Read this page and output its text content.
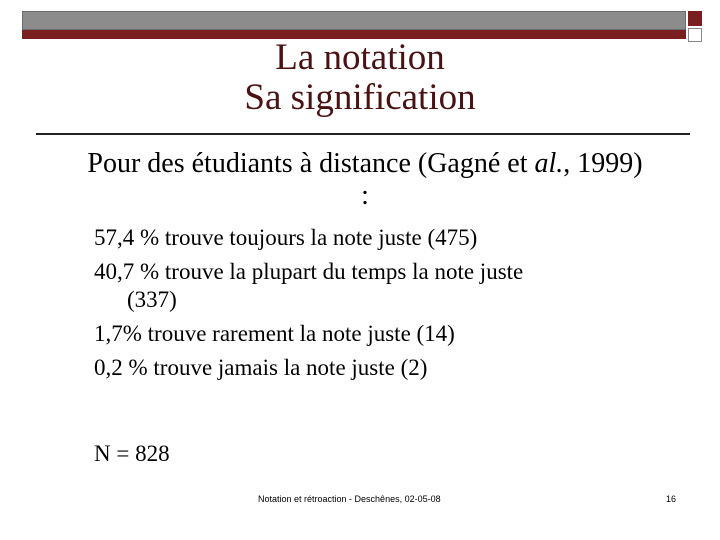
La notation
Sa signification
Pour des étudiants à distance (Gagné et al., 1999)
:
57,4 % trouve toujours la note juste (475)
40,7 % trouve la plupart du temps la note juste
(337)
1,7% trouve rarement la note juste (14)
0,2 % trouve jamais la note juste (2)
N = 828
Notation et rétroaction - Deschênes, 02-05-08	16
